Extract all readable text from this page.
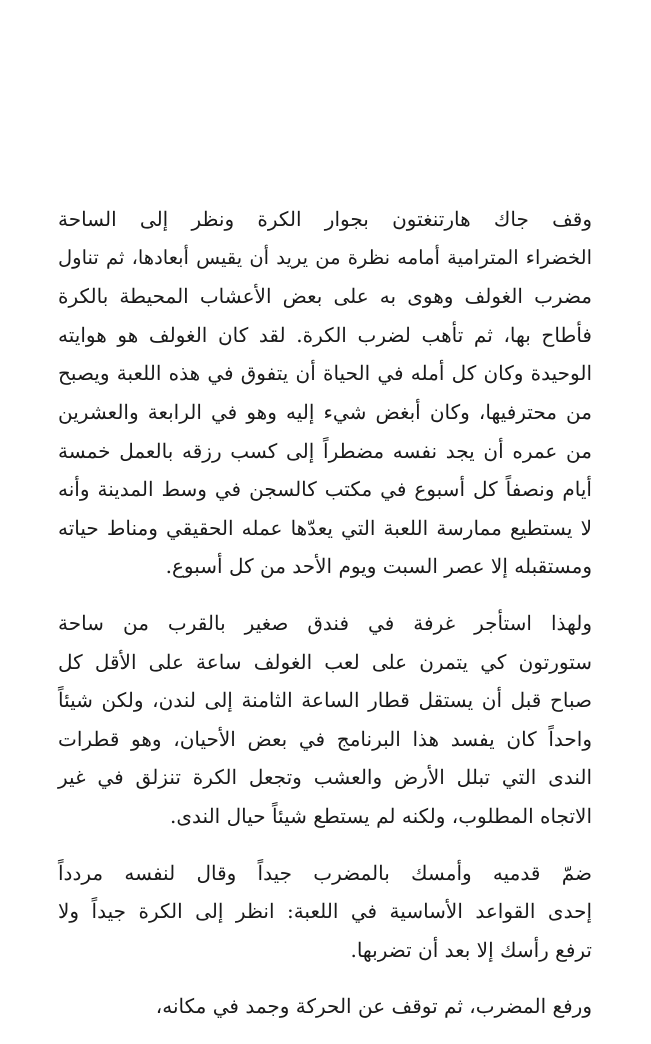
وقف جاك هارتنغتون بجوار الكرة ونظر إلى الساحة
الخضراء المترامية أمامه نظرة من يريد أن يقيس أبعادها، ثم تناول
مضرب الغولف وهوى به على بعض الأعشاب المحيطة بالكرة
فأطاح بها، ثم تأهب لضرب الكرة. لقد كان الغولف هو هوايته
الوحيدة وكان كل أمله في الحياة أن يتفوق في هذه اللعبة ويصبح
من محترفيها، وكان أبغض شيء إليه وهو في الرابعة والعشرين
من عمره أن يجد نفسه مضطراً إلى كسب رزقه بالعمل خمسة
أيام ونصفاً كل أسبوع في مكتب كالسجن في وسط المدينة وأنه
لا يستطيع ممارسة اللعبة التي يعدّها عمله الحقيقي ومناط حياته
ومستقبله إلا عصر السبت ويوم الأحد من كل أسبوع.

ولهذا استأجر غرفة في فندق صغير بالقرب من ساحة
ستورتون كي يتمرن على لعب الغولف ساعة على الأقل كل
صباح قبل أن يستقل قطار الساعة الثامنة إلى لندن، ولكن شيئاً
واحداً كان يفسد هذا البرنامج في بعض الأحيان، وهو قطرات
الندى التي تبلل الأرض والعشب وتجعل الكرة تنزلق في غير
الاتجاه المطلوب، ولكنه لم يستطع شيئاً حيال الندى.

ضمّ قدميه وأمسك بالمضرب جيداً وقال لنفسه مردداً
إحدى القواعد الأساسية في اللعبة: انظر إلى الكرة جيداً ولا
ترفع رأسك إلا بعد أن تضربها.

ورفع المضرب، ثم توقف عن الحركة وجمد في مكانه،
